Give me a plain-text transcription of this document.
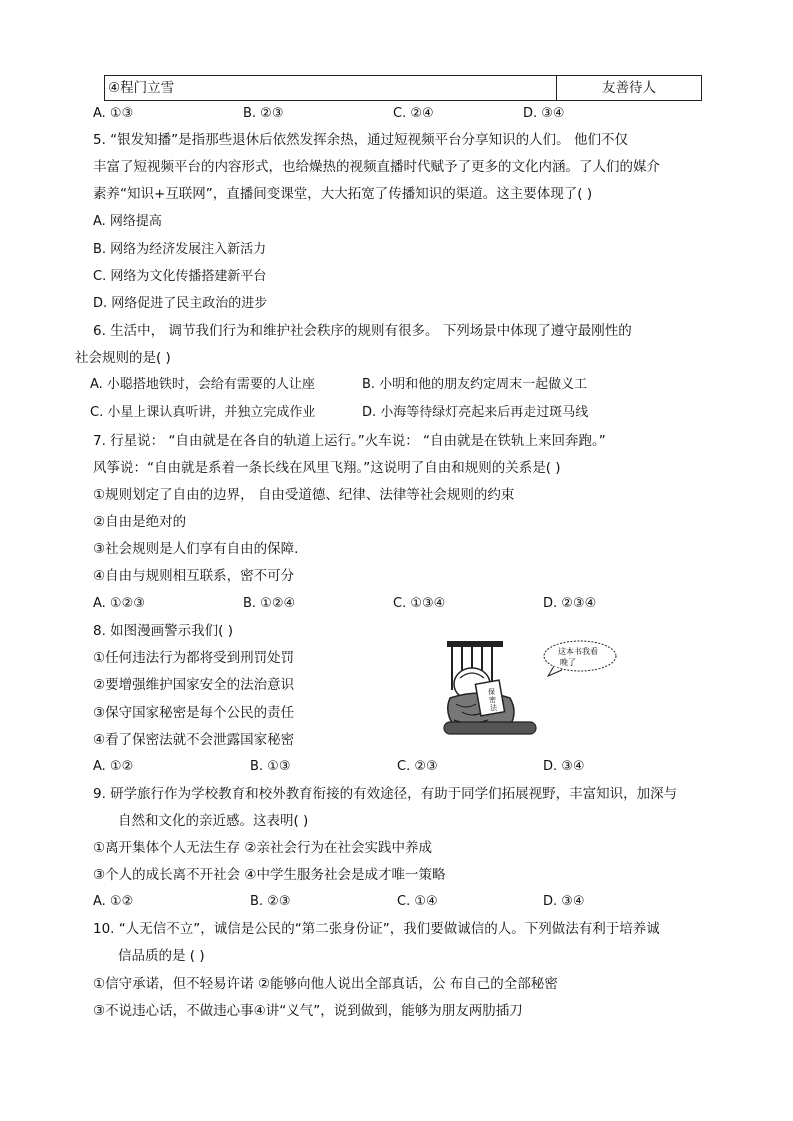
④程门立雪	友善待人
A. ①③	B. ②③	C. ②④	D. ③④
5. “银发知播”是指那些退休后依然发挥余热，通过短视频平台分享知识的人们。 他们不仅
丰富了短视频平台的内容形式，也给燥热的视频直播时代赋予了更多的文化内涵。了人们的媒介
素养“知识+互联网”，直播间变课堂，大大拓宽了传播知识的渠道。这主要体现了( )
A. 网络提高
B. 网络为经济发展注入新活力
C. 网络为文化传播搭建新平台
D. 网络促进了民主政治的进步
6. 生活中， 调节我们行为和维护社会秩序的规则有很多。 下列场景中体现了遵守最刚性的
社会规则的是( )
A. 小聪搭地铁时，会给有需要的人让座	B. 小明和他的朋友约定周末一起做义工
C. 小星上课认真听讲，并独立完成作业	D. 小海等待绿灯亮起来后再走过斑马线
7. 行星说： “自由就是在各自的轨道上运行。”火车说： “自由就是在铁轨上来回奔跑。”
风筝说：“自由就是系着一条长线在风里飞翔。”这说明了自由和规则的关系是( )
①规则划定了自由的边界， 自由受道德、纪律、法律等社会规则的约束
②自由是绝对的
③社会规则是人们享有自由的保障.
④自由与规则相互联系，密不可分
A. ①②③	B. ①②④	C. ①③④	D. ②③④
8. 如图漫画警示我们( )
①任何违法行为都将受到刑罚处罚
②要增强维护国家安全的法治意识
③保守国家秘密是每个公民的责任
④看了保密法就不会泄露国家秘密
A. ①②	B. ①③	C. ②③	D. ③④
保
密
法
这本书我看
晚了
9. 研学旅行作为学校教育和校外教育衔接的有效途径，有助于同学们拓展视野，丰富知识，加深与
自然和文化的亲近感。这表明( )
①离开集体个人无法生存 ②亲社会行为在社会实践中养成
③个人的成长离不开社会 ④中学生服务社会是成才唯一策略
A. ①②	B. ②③	C. ①④	D. ③④
10. “人无信不立”，诚信是公民的“第二张身份证”，我们要做诚信的人。下列做法有利于培养诚
信品质的是 ( )
①信守承诺，但不轻易许诺 ②能够向他人说出全部真话，公 布自己的全部秘密
③不说违心话，不做违心事④讲“义气”，说到做到，能够为朋友两肋插刀
